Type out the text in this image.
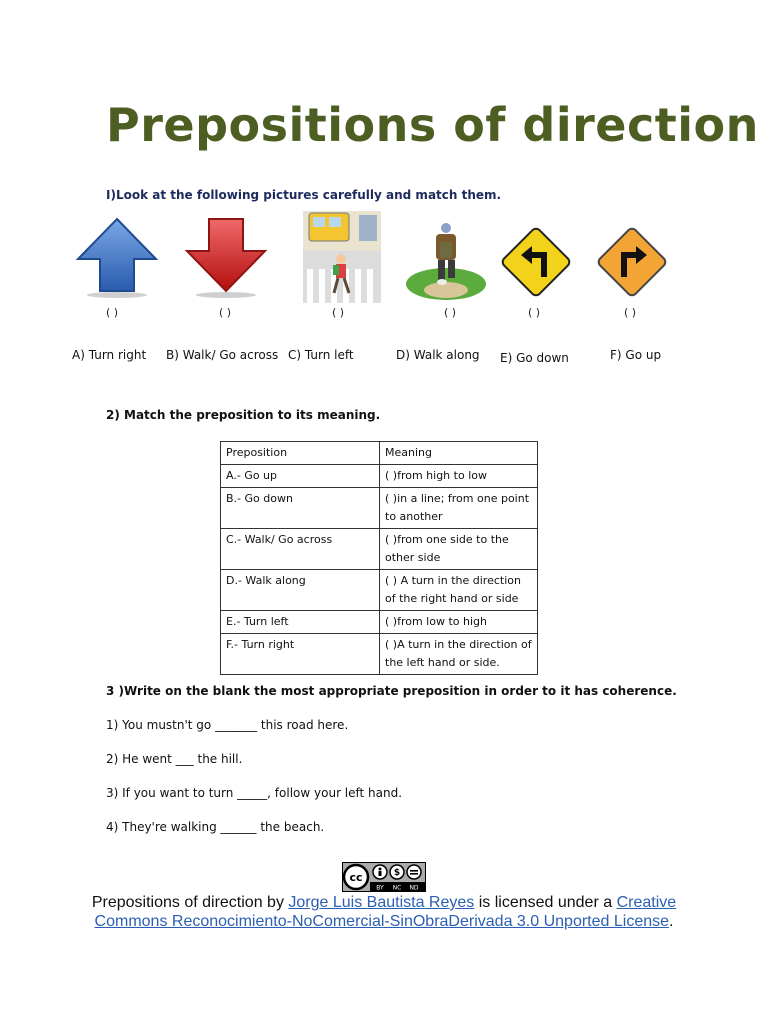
Prepositions of direction
I)Look at the following pictures carefully and match them.
( )	( )	( )	( )	( )	( )
A) Turn right B) Walk/ Go across C) Turn left	D) Walk along E) Go down	F) Go up
2) Match the preposition to its meaning.
Preposition	Meaning
A.- Go up	( )from high to low
B.- Go down	( )in a line; from one point to another
C.- Walk/ Go across	( )from one side to the other side
D.- Walk along	( ) A turn in the direction of the right hand or side
E.- Turn left	( )from low to high
F.- Turn right	( )A turn in the direction of the left hand or side.
3 )Write on the blank the most appropriate preposition in order to it has coherence.
1) You mustn't go _______ this road here.
2) He went ___ the hill.
3) If you want to turn _____, follow your left hand.
4) They're walking ______ the beach.
cc	$
BY NC ND
Prepositions of direction by Jorge Luis Bautista Reyes is licensed under a Creative Commons Reconocimiento-NoComercial-SinObraDerivada 3.0 Unported License.
